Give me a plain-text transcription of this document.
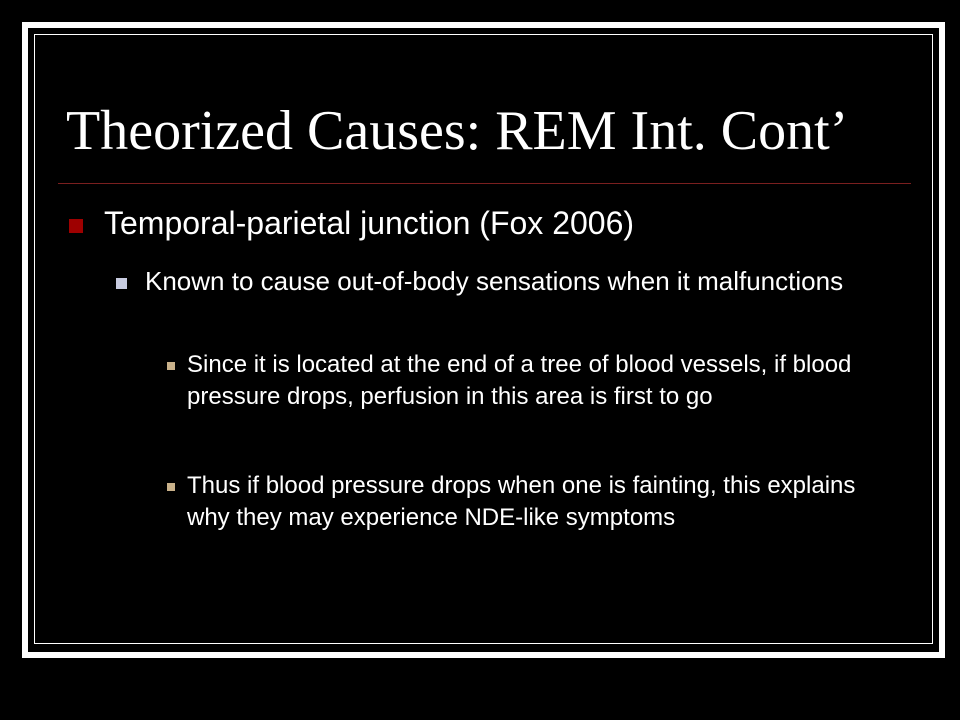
Theorized Causes: REM Int. Cont’
Temporal-parietal junction (Fox 2006)
Known to cause out-of-body sensations when it malfunctions
Since it is located at the end of a tree of blood vessels, if blood pressure drops, perfusion in this area is first to go
Thus if blood pressure drops when one is fainting, this explains why they may experience NDE-like symptoms
